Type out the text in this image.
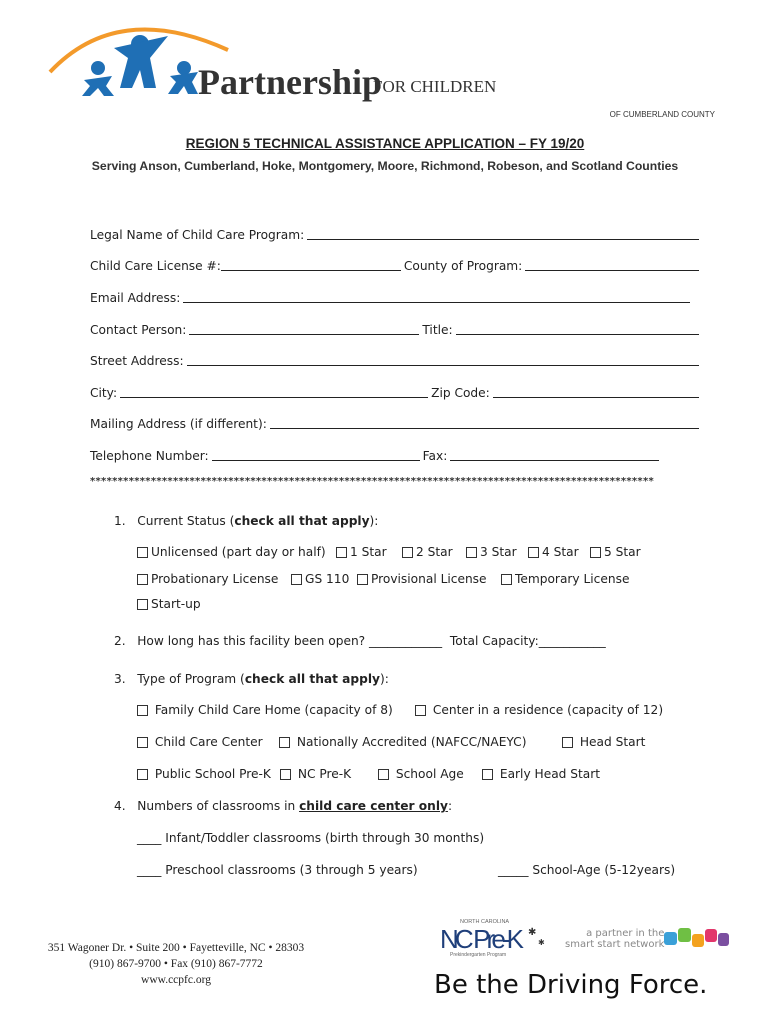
Partnership
FOR CHILDREN
OF CUMBERLAND COUNTY
REGION 5 TECHNICAL ASSISTANCE APPLICATION – FY 19/20
Serving Anson, Cumberland, Hoke, Montgomery, Moore, Richmond, Robeson, and Scotland Counties
Legal Name of Child Care Program:
Child Care License #:	County of Program:
Email Address:
Contact Person:	Title:
Street Address:
City:	Zip Code:
Mailing Address (if different):
Telephone Number:	Fax:
******************************************************************************************************
1. Current Status (check all that apply):
Unlicensed (part day or half) 1 Star 2 Star 3 Star 4 Star 5 Star
Probationary License GS 110 Provisional License Temporary License
Start-up
2. How long has this facility been open? ____________ Total Capacity:___________
3. Type of Program (check all that apply):

Family Child Care Home (capacity of 8)
	Center in a residence (capacity of 12)

Child Care Center
	Nationally Accredited (NAFCC/NAEYC)
	Head Start

Public School Pre-K
NC Pre-K
	School Age
	Early Head Start
4. Numbers of classrooms in child care center only:
____ Infant/Toddler classrooms (birth through 30 months)
____ Preschool classrooms (3 through 5 years)	_____ School-Age (5-12years)
351 Wagoner Dr. • Suite 200 • Fayetteville, NC • 28303
(910) 867-9700 • Fax (910) 867-7772
www.ccpfc.org
NORTH CAROLINA
NC Pre-K
Prekindergarten Program
✱
✱
a partner in the
smart start network
Be the Driving Force.
